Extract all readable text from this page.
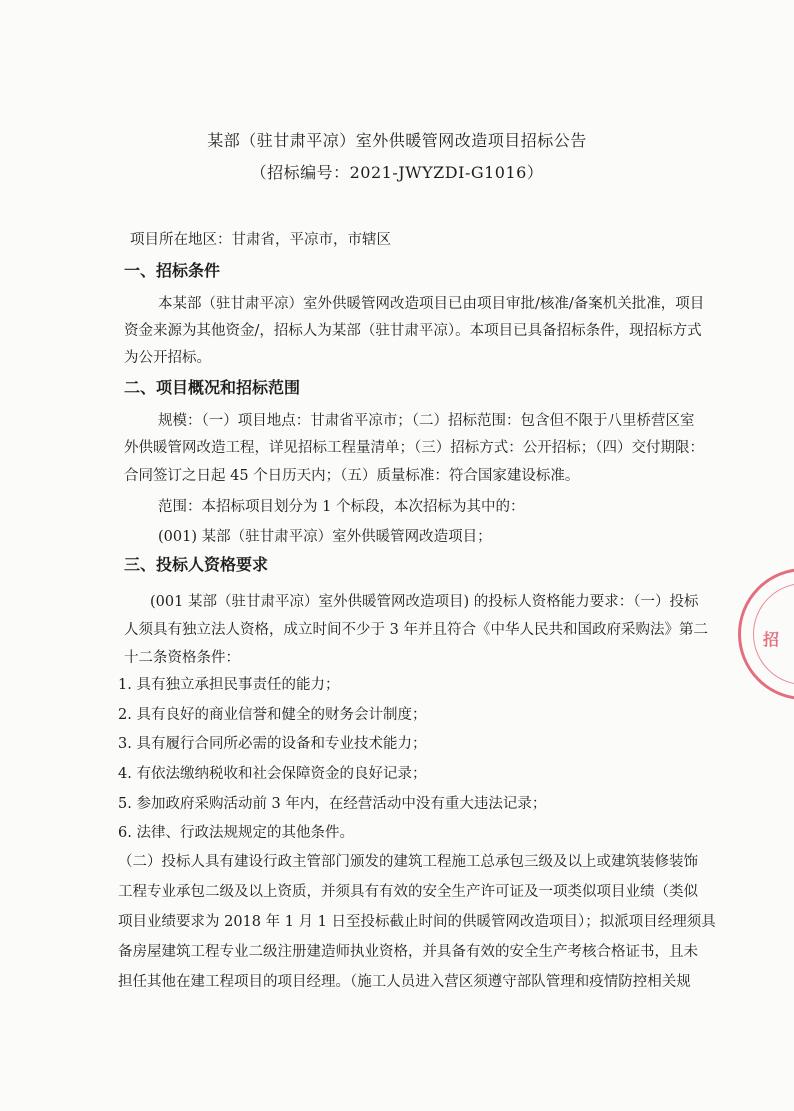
某部（驻甘肃平凉）室外供暖管网改造项目招标公告
（招标编号：2021-JWYZDI-G1016）
项目所在地区：甘肃省，平凉市，市辖区
一、招标条件
本某部（驻甘肃平凉）室外供暖管网改造项目已由项目审批/核准/备案机关批准，项目
资金来源为其他资金/，招标人为某部（驻甘肃平凉）。本项目已具备招标条件，现招标方式
为公开招标。
二、项目概况和招标范围
规模：（一）项目地点：甘肃省平凉市；（二）招标范围：包含但不限于八里桥营区室
外供暖管网改造工程，详见招标工程量清单；（三）招标方式：公开招标；（四）交付期限：
合同签订之日起 45 个日历天内；（五）质量标准：符合国家建设标准。
范围：本招标项目划分为 1 个标段，本次招标为其中的：
(001) 某部（驻甘肃平凉）室外供暖管网改造项目；
三、投标人资格要求
(001 某部（驻甘肃平凉）室外供暖管网改造项目) 的投标人资格能力要求：（一）投标
人须具有独立法人资格，成立时间不少于 3 年并且符合《中华人民共和国政府采购法》第二
十二条资格条件：
1. 具有独立承担民事责任的能力；
2. 具有良好的商业信誉和健全的财务会计制度；
3. 具有履行合同所必需的设备和专业技术能力；
4. 有依法缴纳税收和社会保障资金的良好记录；
5. 参加政府采购活动前 3 年内，在经营活动中没有重大违法记录；
6. 法律、行政法规规定的其他条件。
（二）投标人具有建设行政主管部门颁发的建筑工程施工总承包三级及以上或建筑装修装饰
工程专业承包二级及以上资质，并须具有有效的安全生产许可证及一项类似项目业绩（类似
项目业绩要求为 2018 年 1 月 1 日至投标截止时间的供暖管网改造项目）；拟派项目经理须具
备房屋建筑工程专业二级注册建造师执业资格，并具备有效的安全生产考核合格证书，且未
担任其他在建工程项目的项目经理。（施工人员进入营区须遵守部队管理和疫情防控相关规
招
